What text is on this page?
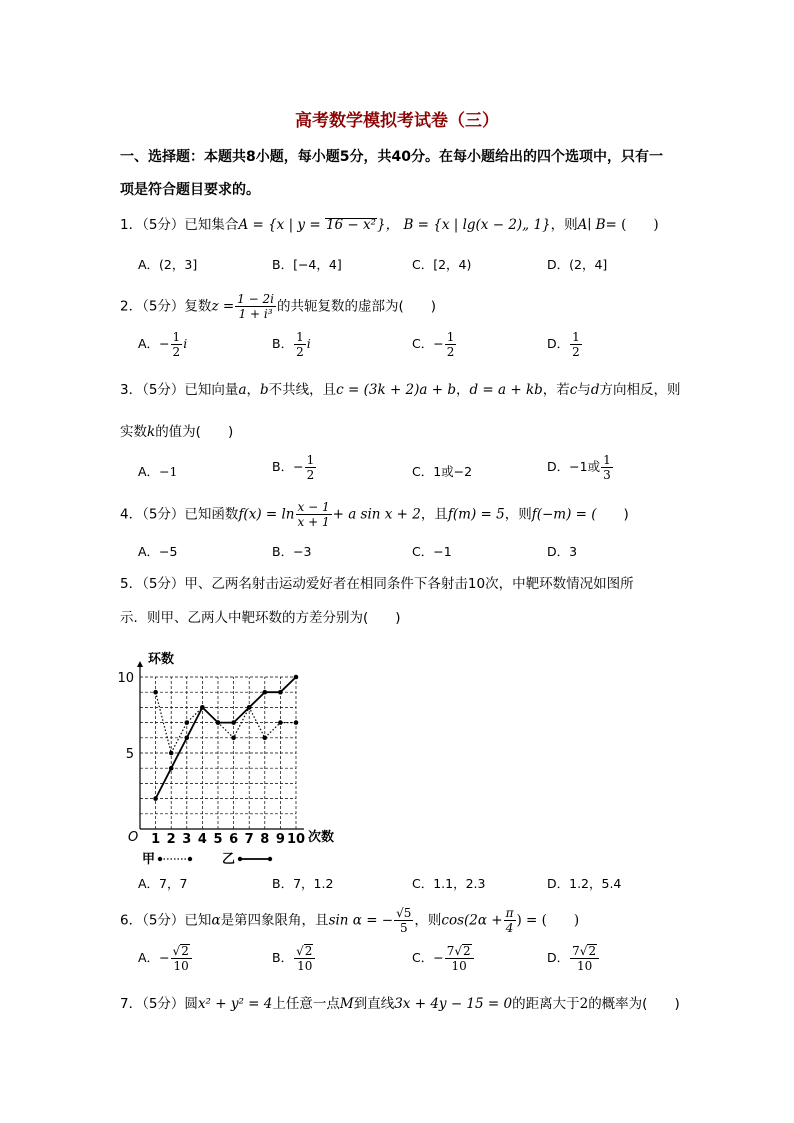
高考数学模拟考试卷（三）
一、选择题：本题共8小题，每小题5分，共40分。在每小题给出的四个选项中，只有一
项是符合题目要求的。
1．（5分）已知集合A = {x | y = 16 − x²}， B = {x | lg(x − 2)„ 1}，则A∣ B= (　　)
A．(2，3]	B．[−4，4]	C．[2，4)	D．(2，4]
2．（5分）复数$z = \frac{1 - 2i}{\text{1 + i³}}$ 的共轭复数的虚部为(　　)
A．− $\frac{1}{2}$ i	B． $\frac{1}{2}$ i	C．− $\frac{1}{2}$	D． $\frac{1}{2}$
3．（5分）已知向量a，b不共线，且c = (3k + 2)a + b，d = a + kb，若c与d方向相反，则
实数k的值为(　　)
A．−1	B．− $\frac{1}{2}$	C．1或−2	D．−1或 $\frac{1}{3}$
4．（5分）已知函数$f(x) = \ln \frac{x - 1}{x + 1} + a$ sin x + 2，且f(m) = 5，则f(−m) = (　　)
A．−5	B．−3	C．−1	D．3
5．（5分）甲、乙两名射击运动爱好者在相同条件下各射击10次，中靶环数情况如图所
示．则甲、乙两人中靶环数的方差分别为(　　)
环数
次数
O
5
10
1 2 3 4 5 6 7 8 9 10
甲	乙
A．7，7	B．7，1.2	C．1.1，2.3	D．1.2，5.4
6．（5分）已知α是第四象限角，且sin α = − $\frac{√5}{5}$ ，则$\cos(2\alpha + \frac{\pi}{4}$ ) = (　　)
A．− $\frac{√2}{10}$	B． $\frac{√2}{10}$	C．− $\frac{7√2}{10}$	D． $\frac{7√2}{10}$
7．（5分）圆x² + y² = 4上任意一点M到直线3x + 4y − 15 = 0的距离大于2的概率为(　　)
